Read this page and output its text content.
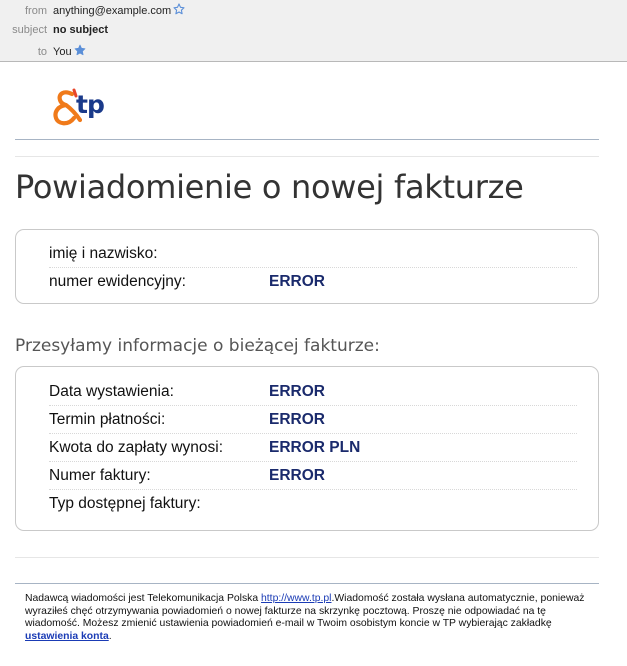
from anything@example.com
subject no subject
to You
tp
Powiadomienie o nowej fakturze
imię i nazwisko:
numer ewidencyjny:	ERROR
Przesyłamy informacje o bieżącej fakturze:
Data wystawienia:	ERROR
Termin płatności:	ERROR
Kwota do zapłaty wynosi:	ERROR PLN
Numer faktury:	ERROR
Typ dostępnej faktury:
Nadawcą wiadomości jest Telekomunikacja Polska http://www.tp.pl.Wiadomość została wysłana automatycznie, ponieważ wyraziłeś chęć otrzymywania powiadomień o nowej fakturze na skrzynkę pocztową. Proszę nie odpowiadać na tę wiadomość. Możesz zmienić ustawienia powiadomień e-mail w Twoim osobistym koncie w TP wybierając zakładkę ustawienia konta.
